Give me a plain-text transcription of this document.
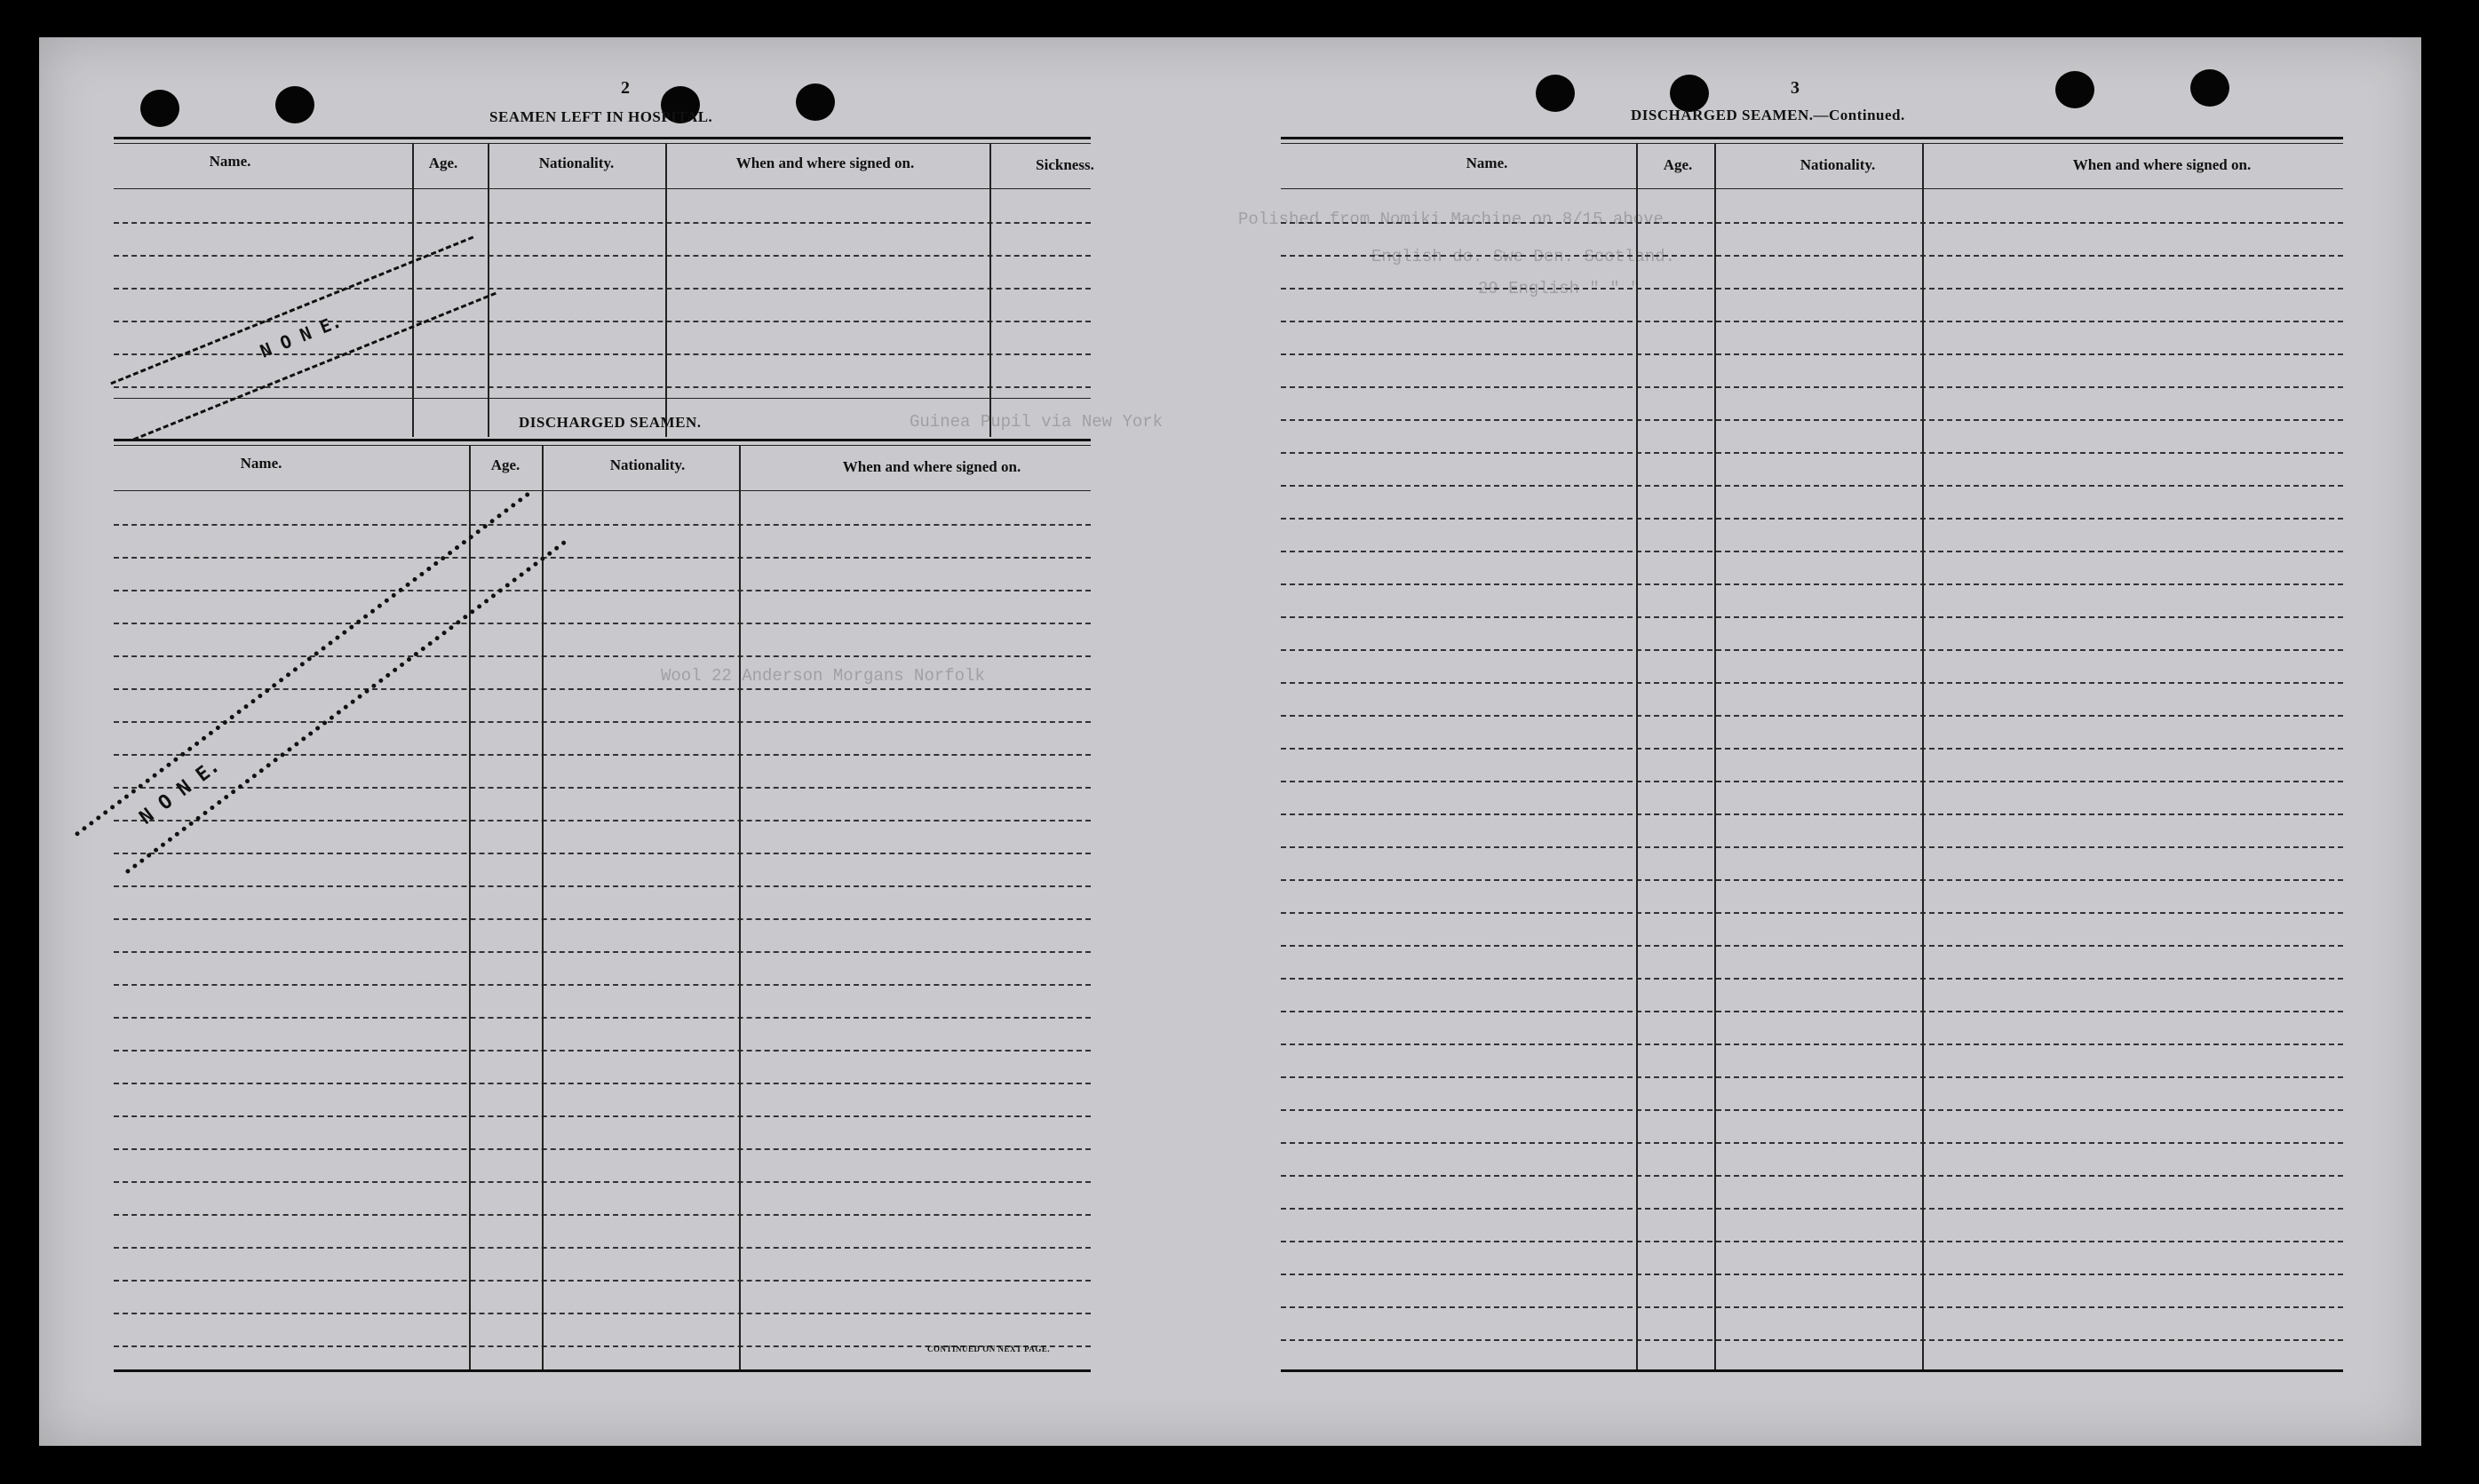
Polished from Nomiki Machine on 8/15 above.
English do. Swe Den. Scotland.
29 English " " "
Guinea Pupil via New York
Wool 22 Anderson Morgans Norfolk
2
SEAMEN LEFT IN HOSPITAL.
Name.	Age.	Nationality.	When and where signed on.	Sickness.
N O N E.
DISCHARGED SEAMEN.
Name.	Age.	Nationality.	When and where signed on.
CONTINUED ON NEXT PAGE.
N O N E.
3
DISCHARGED SEAMEN.—Continued.
Name.	Age.	Nationality.	When and where signed on.
